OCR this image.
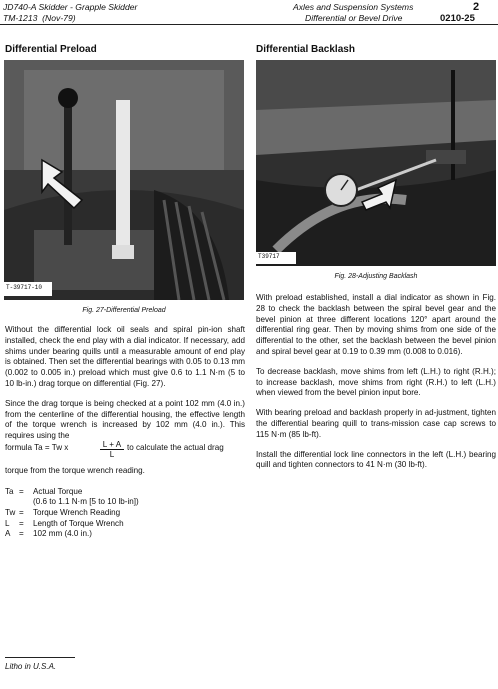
JD740-A Skidder - Grapple Skidder
TM-1213 (Nov-79)
Axles and Suspension Systems
Differential or Bevel Drive
2
0210-25
Differential Preload	Differential Backlash
T-39717-10
Fig. 27-Differential Preload
T39717
Fig. 28-Adjusting Backlash

Without the differential lock oil seals and spiral pin-ion shaft installed, check the end play with a dial indicator. If necessary, add shims under bearing quills until a measurable amount of end play is obtained. Then set the differential bearings with 0.05 to 0.13 mm (0.002 to 0.005 in.) preload which must give 0.6 to 1.1 N·m (5 to 10 lb-in.) drag torque on differential (Fig. 27).

Since the drag torque is being checked at a point 102 mm (4.0 in.) from the centerline of the differential housing, the effective length of the torque wrench is increased by 102 mm (4.0 in.). This requires using the

formula Ta = Tw x	$\frac{L + A}{L}$ to calculate the actual drag

torque from the torque wrench reading.

Ta = Actual Torque
(0.6 to 1.1 N·m [5 to 10 lb-in])
Tw = Torque Wrench Reading
L = Length of Torque Wrench
A = 102 mm (4.0 in.)

With preload established, install a dial indicator as shown in Fig. 28 to check the backlash between the spiral bevel gear and the bevel pinion at three different locations 120° apart around the differential ring gear. Then by moving shims from one side of the differential to the other, set the backlash between the bevel pinion and spiral bevel gear at 0.19 to 0.39 mm (0.008 to 0.016).

To decrease backlash, move shims from left (L.H.) to right (R.H.); to increase backlash, move shims from right (R.H.) to left (L.H.) when viewed from the bevel pinion input bore.

With bearing preload and backlash properly in ad-justment, tighten the differential bearing quill to trans-mission case cap screws to 115 N·m (85 lb-ft).

Install the differential lock line connectors in the left (L.H.) bearing quill and tighten connectors to 41 N·m (30 lb-ft).

Litho in U.S.A.
